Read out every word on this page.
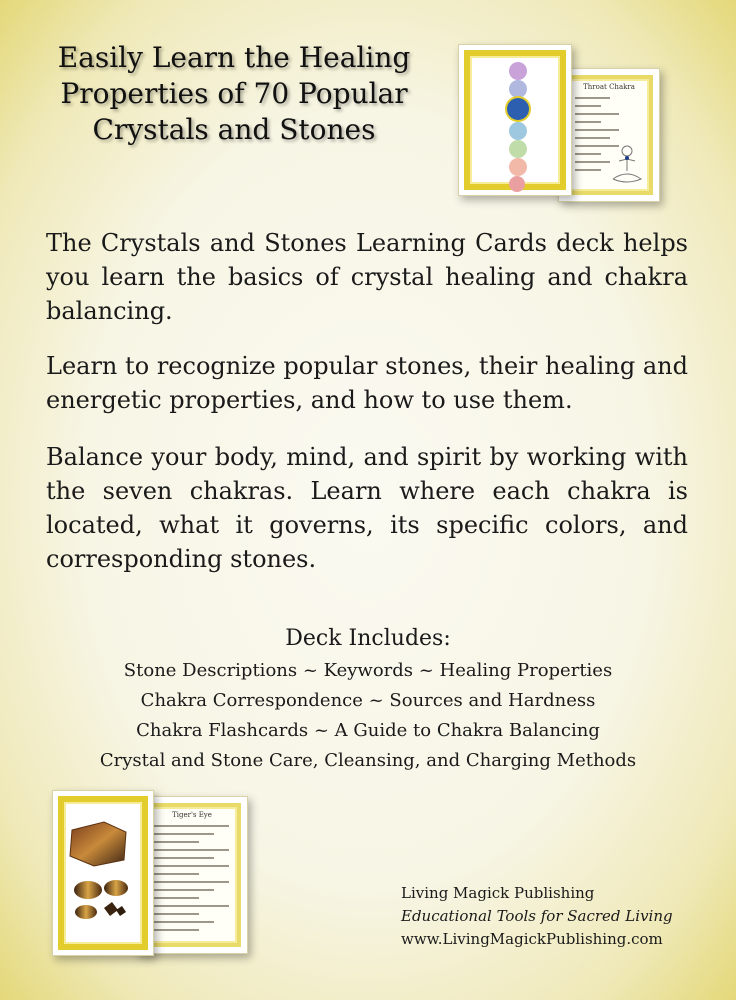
Easily Learn the Healing
Properties of 70 Popular
Crystals and Stones
Throat Chakra

The Crystals and Stones Learning Cards deck helps you learn the basics of crystal healing and chakra balancing.

Learn to recognize popular stones, their healing and energetic properties, and how to use them.

Balance your body, mind, and spirit by working with the seven chakras. Learn where each chakra is located, what it governs, its specific colors, and corresponding stones.

Deck Includes:
Stone Descriptions ~ Keywords ~ Healing Properties
Chakra Correspondence ~ Sources and Hardness
Chakra Flashcards ~ A Guide to Chakra Balancing
Crystal and Stone Care, Cleansing, and Charging Methods
Tiger's Eye
Living Magick Publishing
Educational Tools for Sacred Living
www.LivingMagickPublishing.com
